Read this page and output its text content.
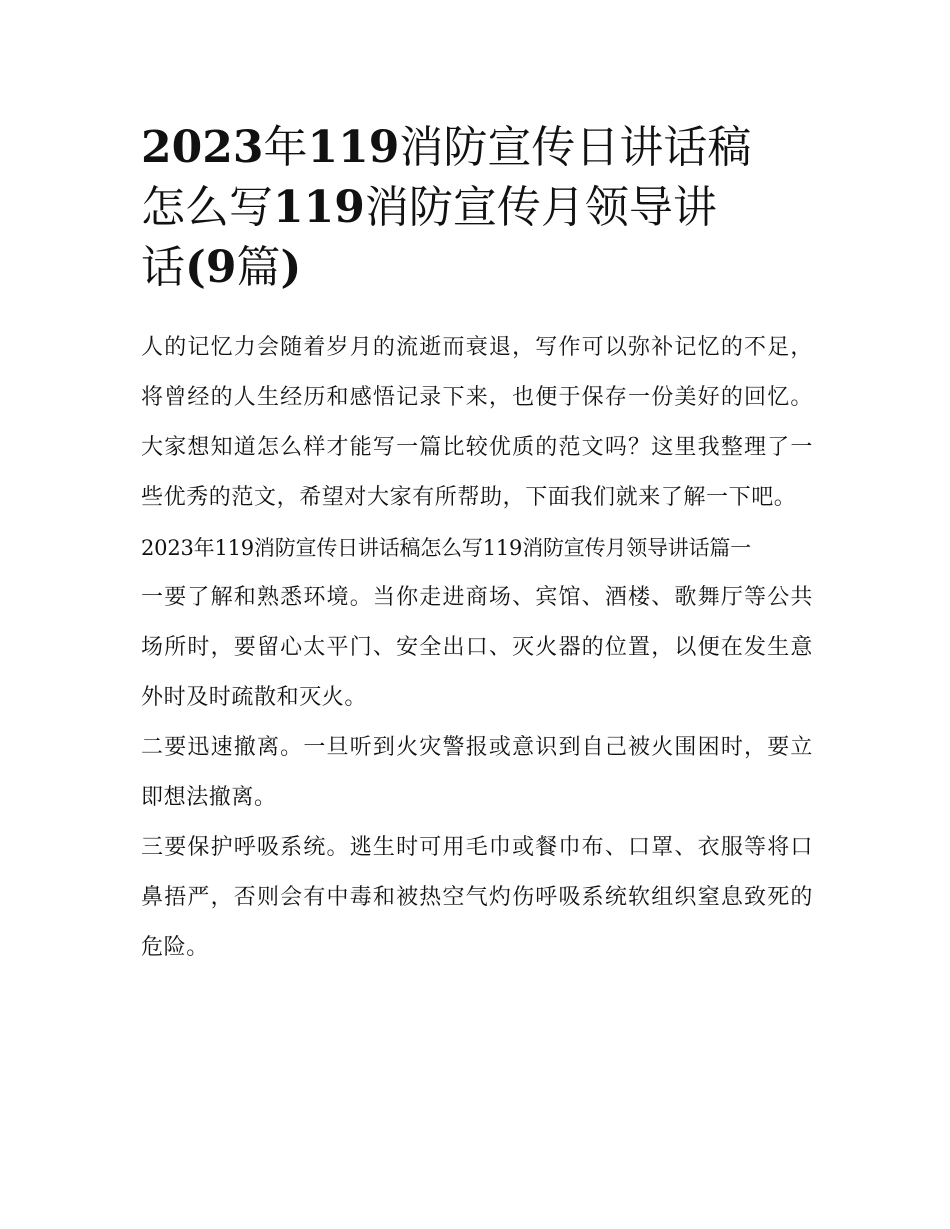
2023年119消防宣传日讲话稿
怎么写119消防宣传月领导讲
话(9篇)

人的记忆力会随着岁月的流逝而衰退，写作可以弥补记忆的不足，将曾经的人生经历和感悟记录下来，也便于保存一份美好的回忆。大家想知道怎么样才能写一篇比较优质的范文吗？这里我整理了一些优秀的范文，希望对大家有所帮助，下面我们就来了解一下吧。

2023年119消防宣传日讲话稿怎么写119消防宣传月领导讲话篇一

一要了解和熟悉环境。当你走进商场、宾馆、酒楼、歌舞厅等公共场所时，要留心太平门、安全出口、灭火器的位置，以便在发生意外时及时疏散和灭火。

二要迅速撤离。一旦听到火灾警报或意识到自己被火围困时，要立即想法撤离。

三要保护呼吸系统。逃生时可用毛巾或餐巾布、口罩、衣服等将口鼻捂严，否则会有中毒和被热空气灼伤呼吸系统软组织窒息致死的危险。
